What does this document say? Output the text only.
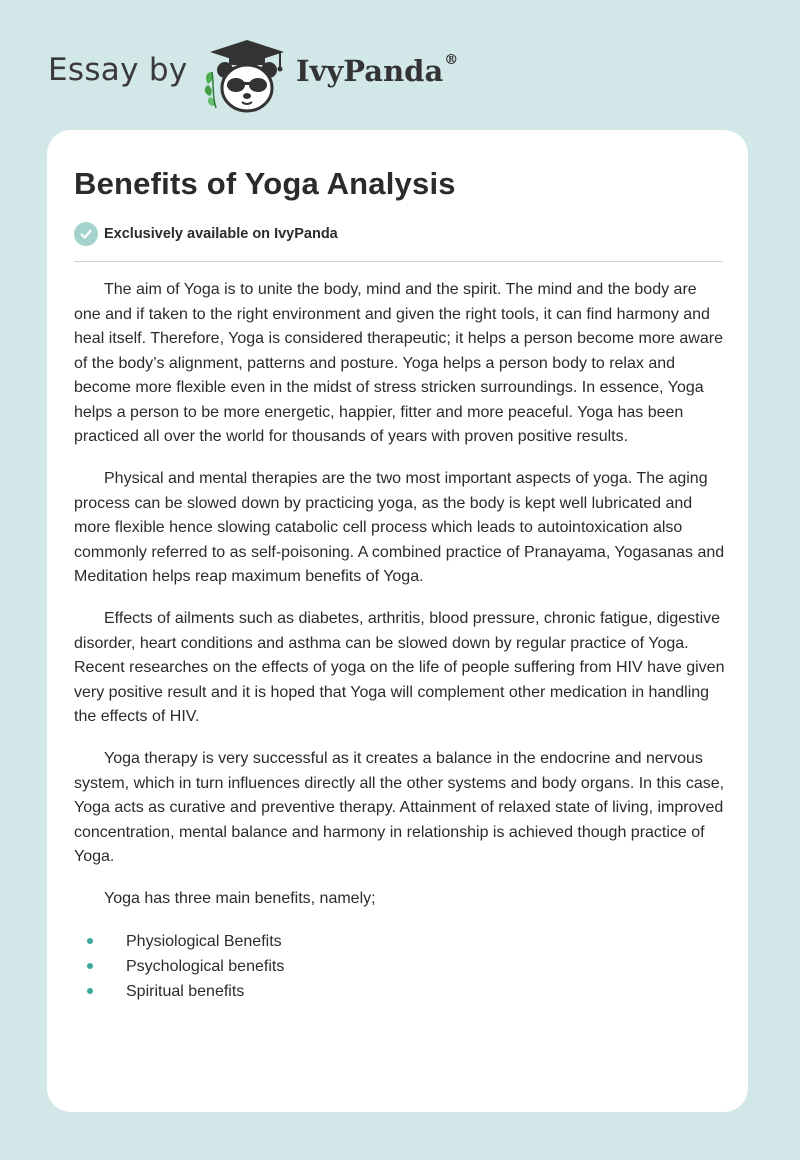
Essay by	IvyPanda®
Benefits of Yoga Analysis
Exclusively available on IvyPanda

The aim of Yoga is to unite the body, mind and the spirit. The mind and the body are one and if taken to the right environment and given the right tools, it can find harmony and heal itself. Therefore, Yoga is considered therapeutic; it helps a person become more aware of the body’s alignment, patterns and posture. Yoga helps a person body to relax and become more flexible even in the midst of stress stricken surroundings. In essence, Yoga helps a person to be more energetic, happier, fitter and more peaceful. Yoga has been practiced all over the world for thousands of years with proven positive results.

Physical and mental therapies are the two most important aspects of yoga. The aging process can be slowed down by practicing yoga, as the body is kept well lubricated and more flexible hence slowing catabolic cell process which leads to autointoxication also commonly referred to as self-poisoning. A combined practice of Pranayama, Yogasanas and Meditation helps reap maximum benefits of Yoga.

Effects of ailments such as diabetes, arthritis, blood pressure, chronic fatigue, digestive disorder, heart conditions and asthma can be slowed down by regular practice of Yoga. Recent researches on the effects of yoga on the life of people suffering from HIV have given very positive result and it is hoped that Yoga will complement other medication in handling the effects of HIV.

Yoga therapy is very successful as it creates a balance in the endocrine and nervous system, which in turn influences directly all the other systems and body organs. In this case, Yoga acts as curative and preventive therapy. Attainment of relaxed state of living, improved concentration, mental balance and harmony in relationship is achieved though practice of Yoga.

Yoga has three main benefits, namely;

Physiological Benefits
Psychological benefits
Spiritual benefits
